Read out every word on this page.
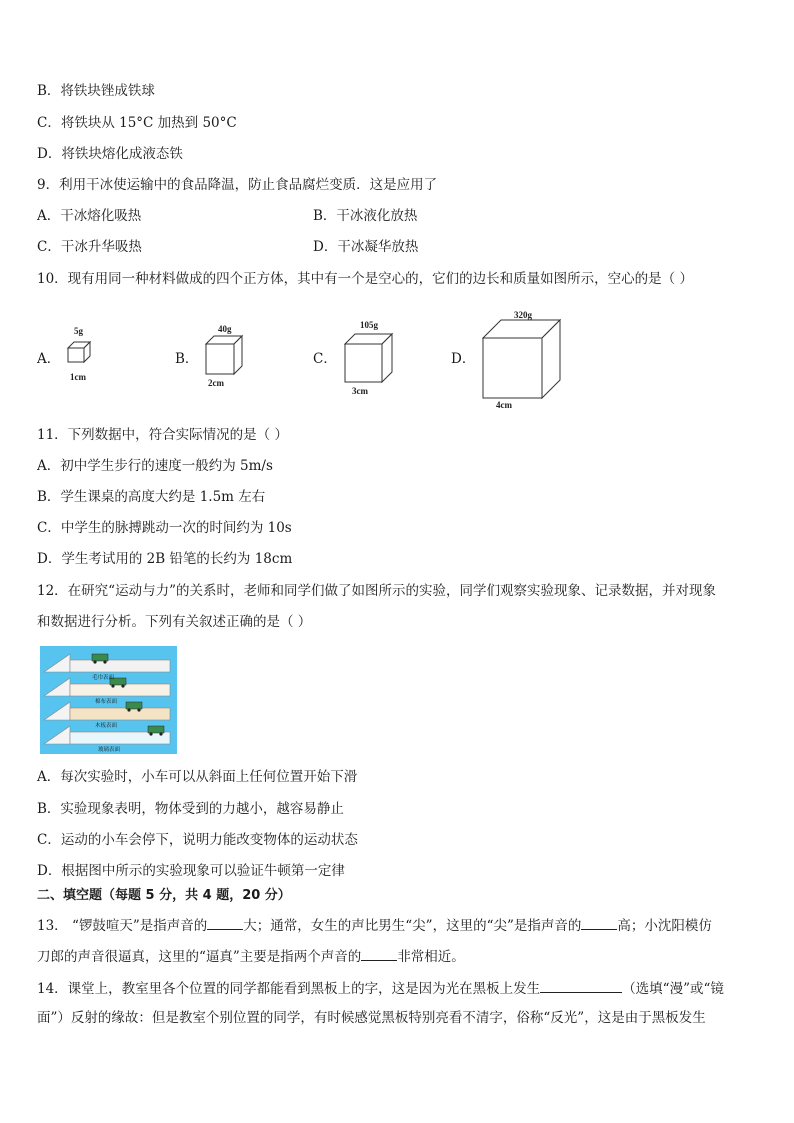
B．将铁块锉成铁球
C．将铁块从 15°C 加热到 50°C
D．将铁块熔化成液态铁
9．利用干冰使运输中的食品降温，防止食品腐烂变质．这是应用了
A．干冰熔化吸热	B．干冰液化放热
C．干冰升华吸热	D．干冰凝华放热
10．现有用同一种材料做成的四个正方体，其中有一个是空心的，它们的边长和质量如图所示，空心的是（ ）
A．
5g
1cm
B．
40g
2cm
C．
105g
3cm
D．
320g
4cm
11．下列数据中，符合实际情况的是（ ）
A．初中学生步行的速度一般约为 5m/s
B．学生课桌的高度大约是 1.5m 左右
C．中学生的脉搏跳动一次的时间约为 10s
D．学生考试用的 2B 铅笔的长约为 18cm
12．在研究“运动与力”的关系时，老师和同学们做了如图所示的实验，同学们观察实验现象、记录数据，并对现象
和数据进行分析。下列有关叙述正确的是（ ）
毛巾表面
棉布表面
木板表面
玻璃表面
A．每次实验时，小车可以从斜面上任何位置开始下滑
B．实验现象表明，物体受到的力越小，越容易静止
C．运动的小车会停下，说明力能改变物体的运动状态
D．根据图中所示的实验现象可以验证牛顿第一定律
二、填空题（每题 5 分，共 4 题，20 分）
13． “锣鼓喧天”是指声音的	大；通常，女生的声比男生“尖”，这里的“尖”是指声音的	高；小沈阳模仿
刀郎的声音很逼真，这里的“逼真”主要是指两个声音的	非常相近。
14．课堂上，教室里各个位置的同学都能看到黑板上的字，这是因为光在黑板上发生	（选填“漫”或“镜
面”）反射的缘故：但是教室个别位置的同学，有时候感觉黑板特别亮看不清字，俗称“反光”，这是由于黑板发生
